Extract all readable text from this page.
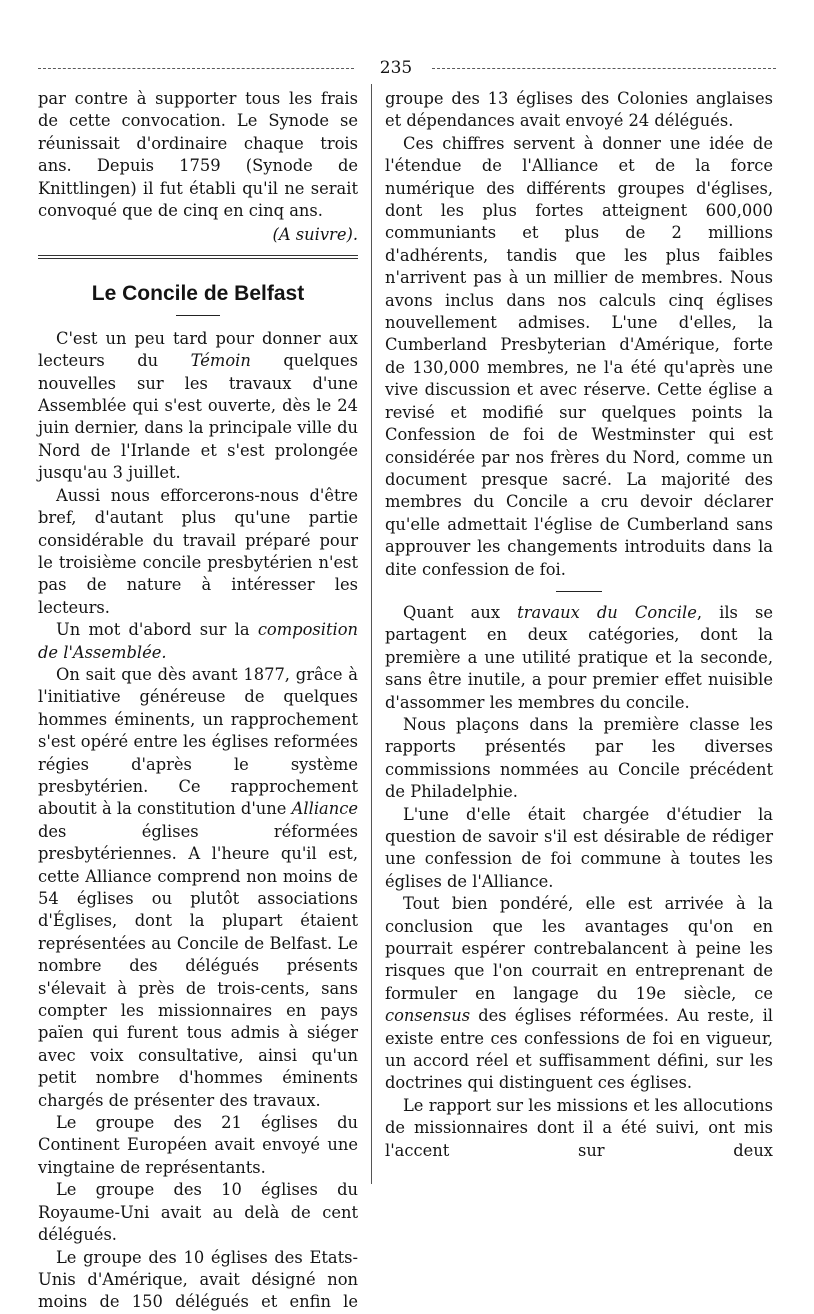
235

par contre à supporter tous les frais de cette convocation. Le Synode se réunissait d'ordinaire chaque trois ans. Depuis 1759 (Synode de Knittlingen) il fut établi qu'il ne serait convoqué que de cinq en cinq ans.

(A suivre).

Le Concile de Belfast

C'est un peu tard pour donner aux lecteurs du Témoin quelques nouvelles sur les travaux d'une Assemblée qui s'est ouverte, dès le 24 juin dernier, dans la principale ville du Nord de l'Irlande et s'est prolongée jusqu'au 3 juillet.

Aussi nous efforcerons-nous d'être bref, d'autant plus qu'une partie considérable du travail préparé pour le troisième concile presbytérien n'est pas de nature à intéresser les lecteurs.

Un mot d'abord sur la composition de l'Assemblée.

On sait que dès avant 1877, grâce à l'initiative généreuse de quelques hommes éminents, un rapprochement s'est opéré entre les églises reformées régies d'après le système presbytérien. Ce rapprochement aboutit à la constitution d'une Alliance des églises réformées presbytériennes. A l'heure qu'il est, cette Alliance comprend non moins de 54 églises ou plutôt associations d'Églises, dont la plupart étaient représentées au Concile de Belfast. Le nombre des délégués présents s'élevait à près de trois-cents, sans compter les missionnaires en pays païen qui furent tous admis à siéger avec voix consultative, ainsi qu'un petit nombre d'hommes éminents chargés de présenter des travaux.

Le groupe des 21 églises du Continent Européen avait envoyé une vingtaine de représentants.

Le groupe des 10 églises du Royaume-Uni avait au delà de cent délégués.

Le groupe des 10 églises des Etats-Unis d'Amérique, avait désigné non moins de 150 délégués et enfin le

groupe des 13 églises des Colonies anglaises et dépendances avait envoyé 24 délégués.

Ces chiffres servent à donner une idée de l'étendue de l'Alliance et de la force numérique des différents groupes d'églises, dont les plus fortes atteignent 600,000 communiants et plus de 2 millions d'adhérents, tandis que les plus faibles n'arrivent pas à un millier de membres. Nous avons inclus dans nos calculs cinq églises nouvellement admises. L'une d'elles, la Cumberland Presbyterian d'Amérique, forte de 130,000 membres, ne l'a été qu'après une vive discussion et avec réserve. Cette église a revisé et modifié sur quelques points la Confession de foi de Westminster qui est considérée par nos frères du Nord, comme un document presque sacré. La majorité des membres du Concile a cru devoir déclarer qu'elle admettait l'église de Cumberland sans approuver les changements introduits dans la dite confession de foi.

Quant aux travaux du Concile, ils se partagent en deux catégories, dont la première a une utilité pratique et la seconde, sans être inutile, a pour premier effet nuisible d'assommer les membres du concile.

Nous plaçons dans la première classe les rapports présentés par les diverses commissions nommées au Concile précédent de Philadelphie.

L'une d'elle était chargée d'étudier la question de savoir s'il est désirable de rédiger une confession de foi commune à toutes les églises de l'Alliance.

Tout bien pondéré, elle est arrivée à la conclusion que les avantages qu'on en pourrait espérer contrebalancent à peine les risques que l'on courrait en entreprenant de formuler en langage du 19e siècle, ce consensus des églises réformées. Au reste, il existe entre ces confessions de foi en vigueur, un accord réel et suffisamment défini, sur les doctrines qui distinguent ces églises.

Le rapport sur les missions et les allocutions de missionnaires dont il a été suivi, ont mis l'accent sur deux
